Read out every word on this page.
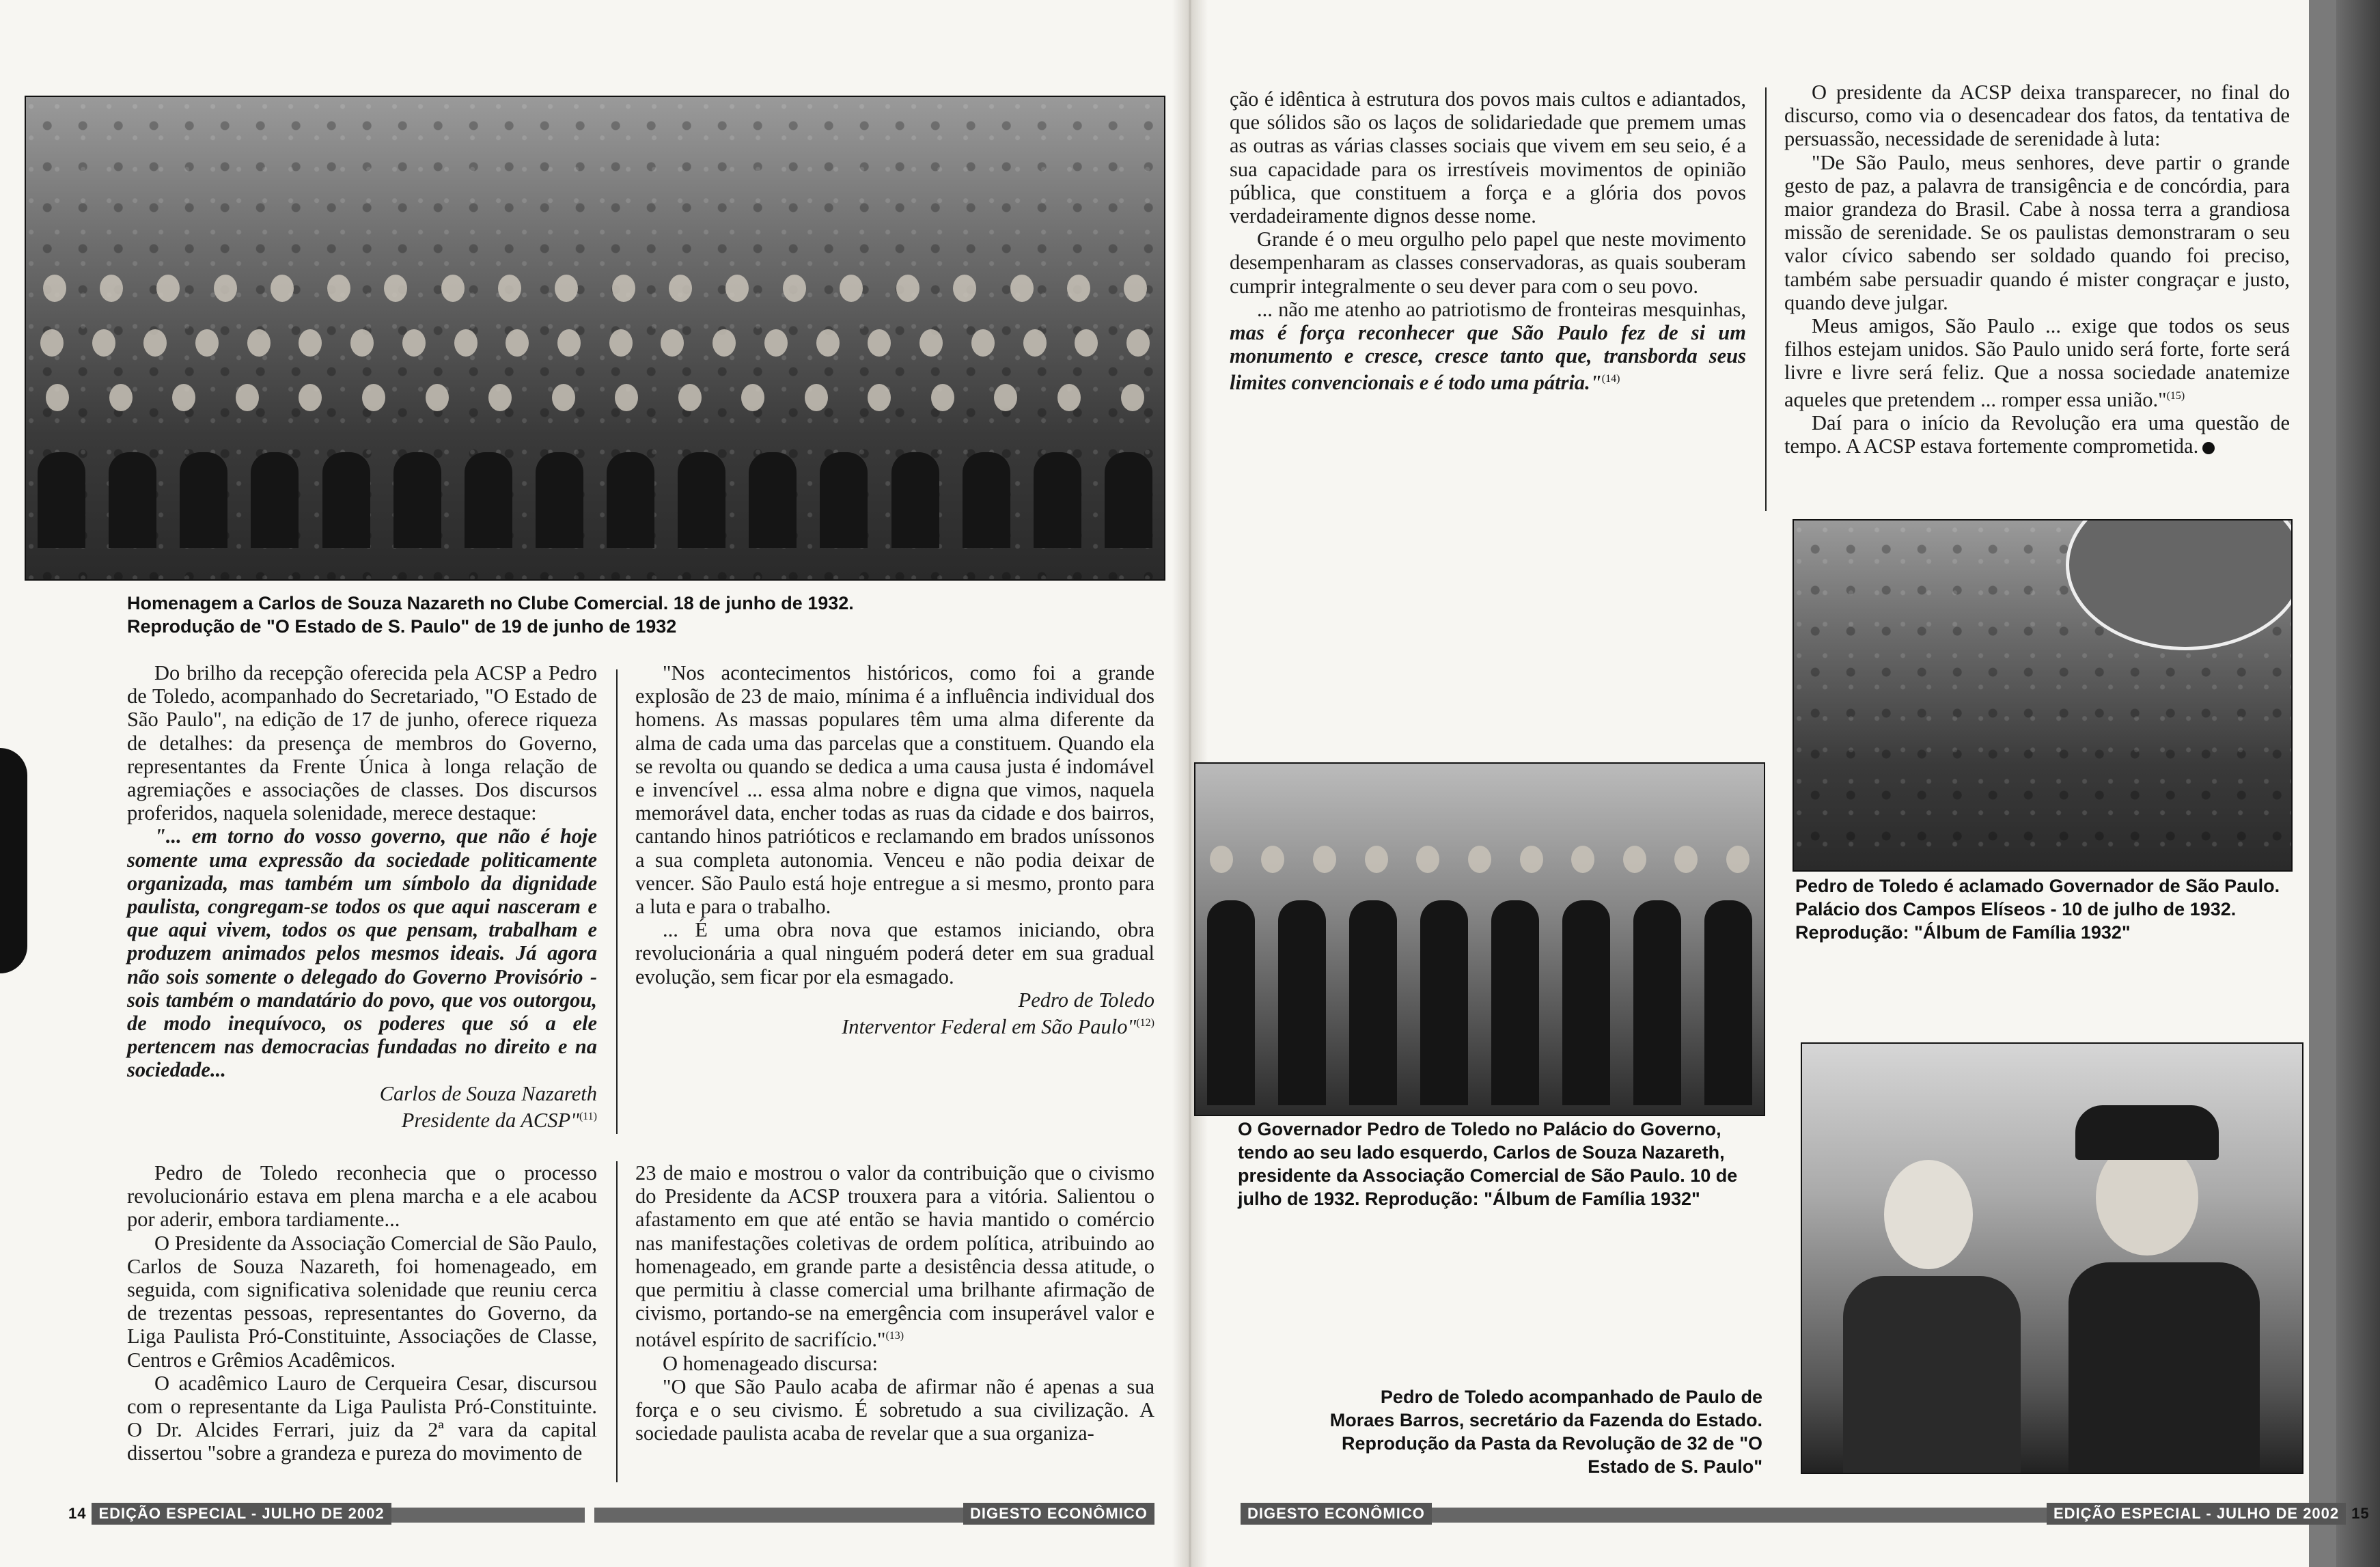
Homenagem a Carlos de Souza Nazareth no Clube Comercial. 18 de junho de 1932.
Reprodução de "O Estado de S. Paulo" de 19 de junho de 1932

Do brilho da recepção oferecida pela ACSP a Pedro de Toledo, acompanhado do Secretariado, "O Estado de São Paulo", na edição de 17 de junho, oferece riqueza de detalhes: da presença de membros do Governo, representantes da Frente Única à longa relação de agremiações e associações de classes. Dos discursos proferidos, naquela solenidade, merece destaque:

"... em torno do vosso governo, que não é hoje somente uma expressão da sociedade politicamente organizada, mas também um símbolo da dignidade paulista, congregam-se todos os que aqui nasceram e que aqui vivem, todos os que pensam, trabalham e produzem animados pelos mesmos ideais. Já agora não sois somente o delegado do Governo Provisório - sois também o mandatário do povo, que vos outorgou, de modo inequívoco, os poderes que só a ele pertencem nas democracias fundadas no direito e na sociedade...

Carlos de Souza Nazareth

Presidente da ACSP"$^{(11)}$

"Nos acontecimentos históricos, como foi a grande explosão de 23 de maio, mínima é a influência individual dos homens. As massas populares têm uma alma diferente da alma de cada uma das parcelas que a constituem. Quando ela se revolta ou quando se dedica a uma causa justa é indomável e invencível ... essa alma nobre e digna que vimos, naquela memorável data, encher todas as ruas da cidade e dos bairros, cantando hinos patrióticos e reclamando em brados uníssonos a sua completa autonomia. Venceu e não podia deixar de vencer. São Paulo está hoje entregue a si mesmo, pronto para a luta e para o trabalho.

... É uma obra nova que estamos iniciando, obra revolucionária a qual ninguém poderá deter em sua gradual evolução, sem ficar por ela esmagado.

Pedro de Toledo

Interventor Federal em São Paulo"$^{(12)}$

Pedro de Toledo reconhecia que o processo revolucionário estava em plena marcha e a ele acabou por aderir, embora tardiamente...

O Presidente da Associação Comercial de São Paulo, Carlos de Souza Nazareth, foi homenageado, em seguida, com significativa solenidade que reuniu cerca de trezentas pessoas, representantes do Governo, da Liga Paulista Pró-Constituinte, Associações de Classe, Centros e Grêmios Acadêmicos.

O acadêmico Lauro de Cerqueira Cesar, discursou com o representante da Liga Paulista Pró-Constituinte. O Dr. Alcides Ferrari, juiz da 2ª vara da capital dissertou "sobre a grandeza e pureza do movimento de

23 de maio e mostrou o valor da contribuição que o civismo do Presidente da ACSP trouxera para a vitória. Salientou o afastamento em que até então se havia mantido o comércio nas manifestações coletivas de ordem política, atribuindo ao homenageado, em grande parte a desistência dessa atitude, o que permitiu à classe comercial uma brilhante afirmação de civismo, portando-se na emergência com insuperável valor e notável espírito de sacrifício."$^{(13)}$

O homenageado discursa:

"O que São Paulo acaba de afirmar não é apenas a sua força e o seu civismo. É sobretudo a sua civilização. A sociedade paulista acaba de revelar que a sua organiza-

14 EDIÇÃO ESPECIAL - JULHO DE 2002	DIGESTO ECONÔMICO

ção é idêntica à estrutura dos povos mais cultos e adiantados, que sólidos são os laços de solidariedade que premem umas as outras as várias classes sociais que vivem em seu seio, é a sua capacidade para os irrestíveis movimentos de opinião pública, que constituem a força e a glória dos povos verdadeiramente dignos desse nome.

Grande é o meu orgulho pelo papel que neste movimento desempenharam as classes conservadoras, as quais souberam cumprir integralmente o seu dever para com o seu povo.

... não me atenho ao patriotismo de fronteiras mesquinhas, mas é força reconhecer que São Paulo fez de si um monumento e cresce, cresce tanto que, transborda seus limites convencionais e é todo uma pátria."$^{(14)}$

O presidente da ACSP deixa transparecer, no final do discurso, como via o desencadear dos fatos, da tentativa de persuassão, necessidade de serenidade à luta:

"De São Paulo, meus senhores, deve partir o grande gesto de paz, a palavra de transigência e de concórdia, para maior grandeza do Brasil. Cabe à nossa terra a grandiosa missão de serenidade. Se os paulistas demonstraram o seu valor cívico sabendo ser soldado quando foi preciso, também sabe persuadir quando é mister congraçar e justo, quando deve julgar.

Meus amigos, São Paulo ... exige que todos os seus filhos estejam unidos. São Paulo unido será forte, forte será livre e livre será feliz. Que a nossa sociedade anatemize aqueles que pretendem ... romper essa união."$^{(15)}$

Daí para o início da Revolução era uma questão de tempo. A ACSP estava fortemente comprometida.

Pedro de Toledo é aclamado Governador de São Paulo. Palácio dos Campos Elíseos - 10 de julho de 1932. Reprodução: "Álbum de Família 1932"
O Governador Pedro de Toledo no Palácio do Governo, tendo ao seu lado esquerdo, Carlos de Souza Nazareth, presidente da Associação Comercial de São Paulo. 10 de julho de 1932. Reprodução: "Álbum de Família 1932"
Pedro de Toledo acompanhado de Paulo de Moraes Barros, secretário da Fazenda do Estado. Reprodução da Pasta da Revolução de 32 de "O Estado de S. Paulo"
DIGESTO ECONÔMICO	EDIÇÃO ESPECIAL - JULHO DE 2002 15
